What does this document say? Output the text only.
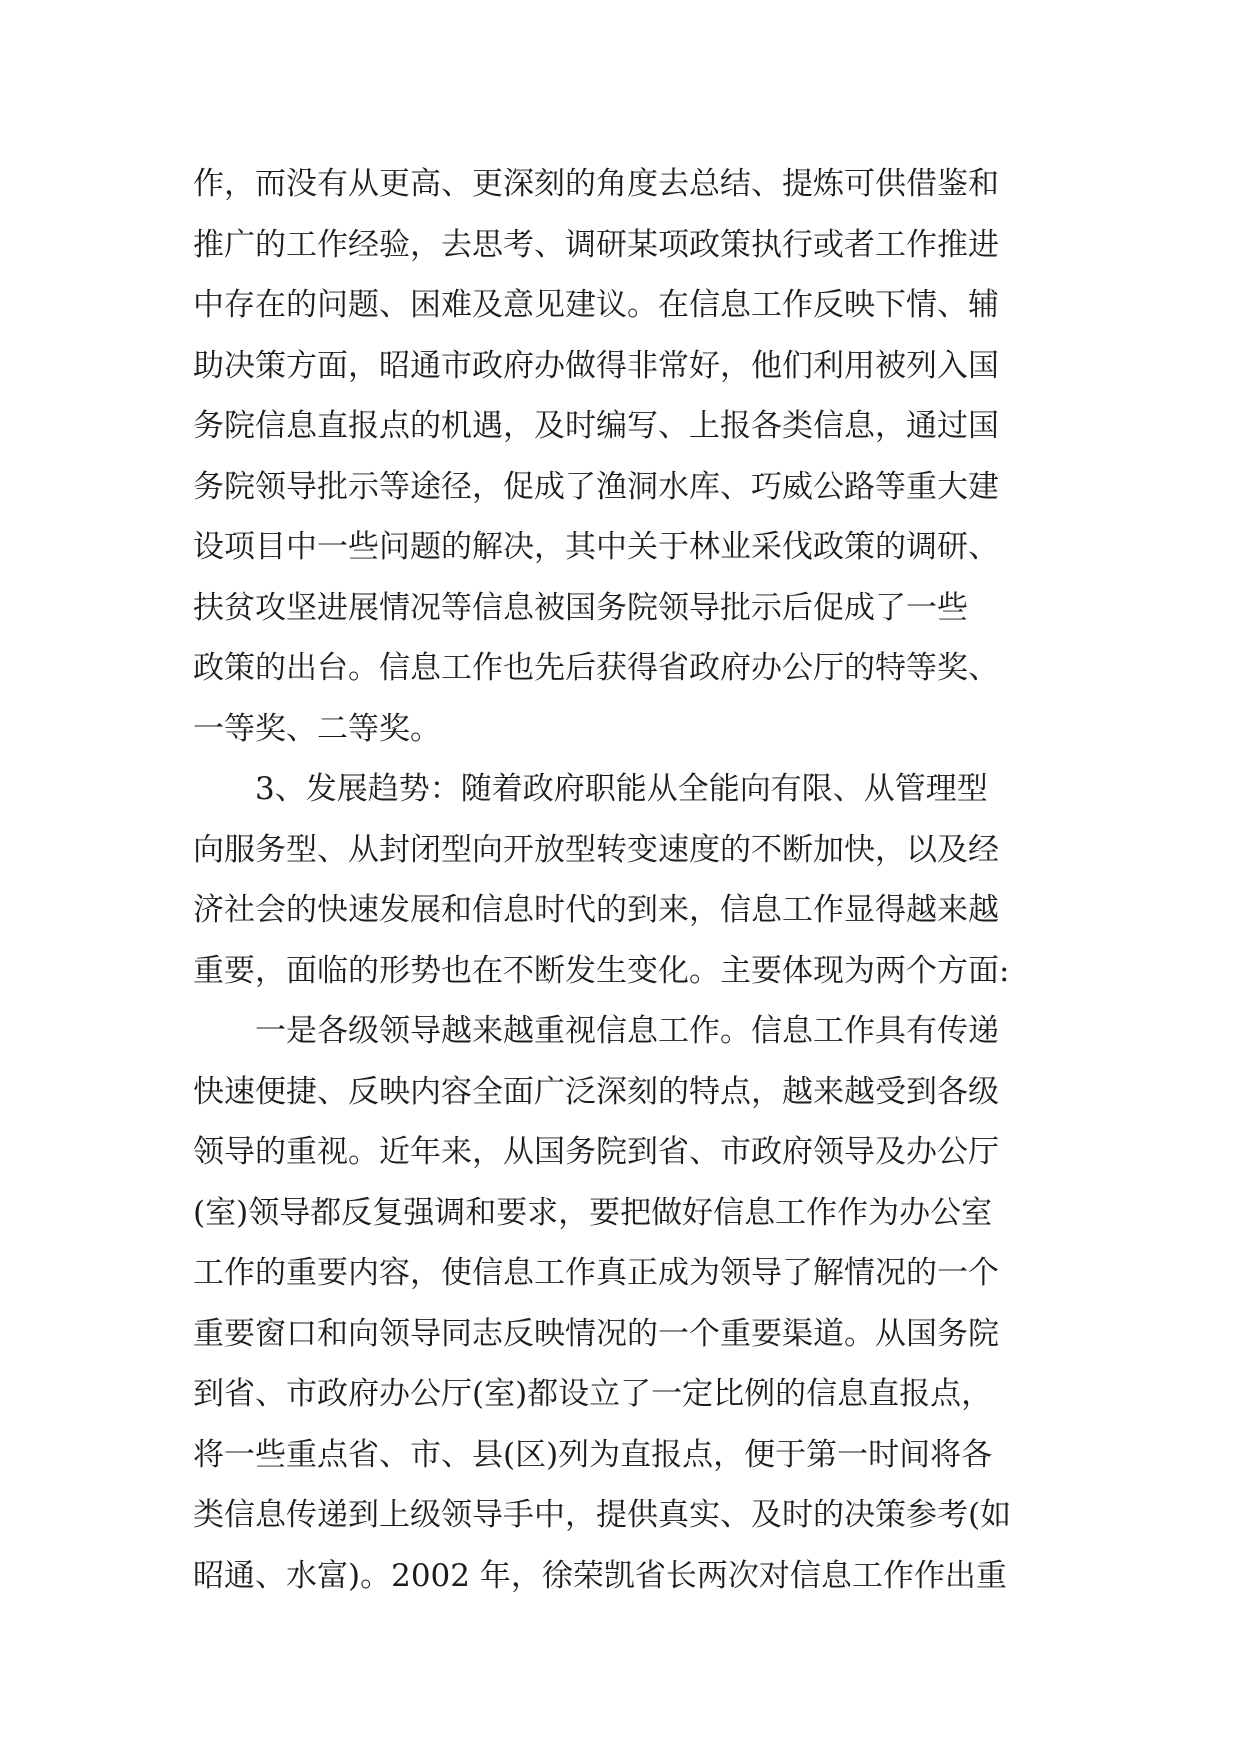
作，而没有从更高、更深刻的角度去总结、提炼可供借鉴和
推广的工作经验，去思考、调研某项政策执行或者工作推进
中存在的问题、困难及意见建议。在信息工作反映下情、辅
助决策方面，昭通市政府办做得非常好，他们利用被列入国
务院信息直报点的机遇，及时编写、上报各类信息，通过国
务院领导批示等途径，促成了渔洞水库、巧威公路等重大建
设项目中一些问题的解决，其中关于林业采伐政策的调研、
扶贫攻坚进展情况等信息被国务院领导批示后促成了一些
政策的出台。信息工作也先后获得省政府办公厅的特等奖、
一等奖、二等奖。
3、发展趋势：随着政府职能从全能向有限、从管理型
向服务型、从封闭型向开放型转变速度的不断加快，以及经
济社会的快速发展和信息时代的到来，信息工作显得越来越
重要，面临的形势也在不断发生变化。主要体现为两个方面:
一是各级领导越来越重视信息工作。信息工作具有传递
快速便捷、反映内容全面广泛深刻的特点，越来越受到各级
领导的重视。近年来，从国务院到省、市政府领导及办公厅
(室)领导都反复强调和要求，要把做好信息工作作为办公室
工作的重要内容，使信息工作真正成为领导了解情况的一个
重要窗口和向领导同志反映情况的一个重要渠道。从国务院
到省、市政府办公厅(室)都设立了一定比例的信息直报点，
将一些重点省、市、县(区)列为直报点，便于第一时间将各
类信息传递到上级领导手中，提供真实、及时的决策参考(如
昭通、水富)。2002 年，徐荣凯省长两次对信息工作作出重
